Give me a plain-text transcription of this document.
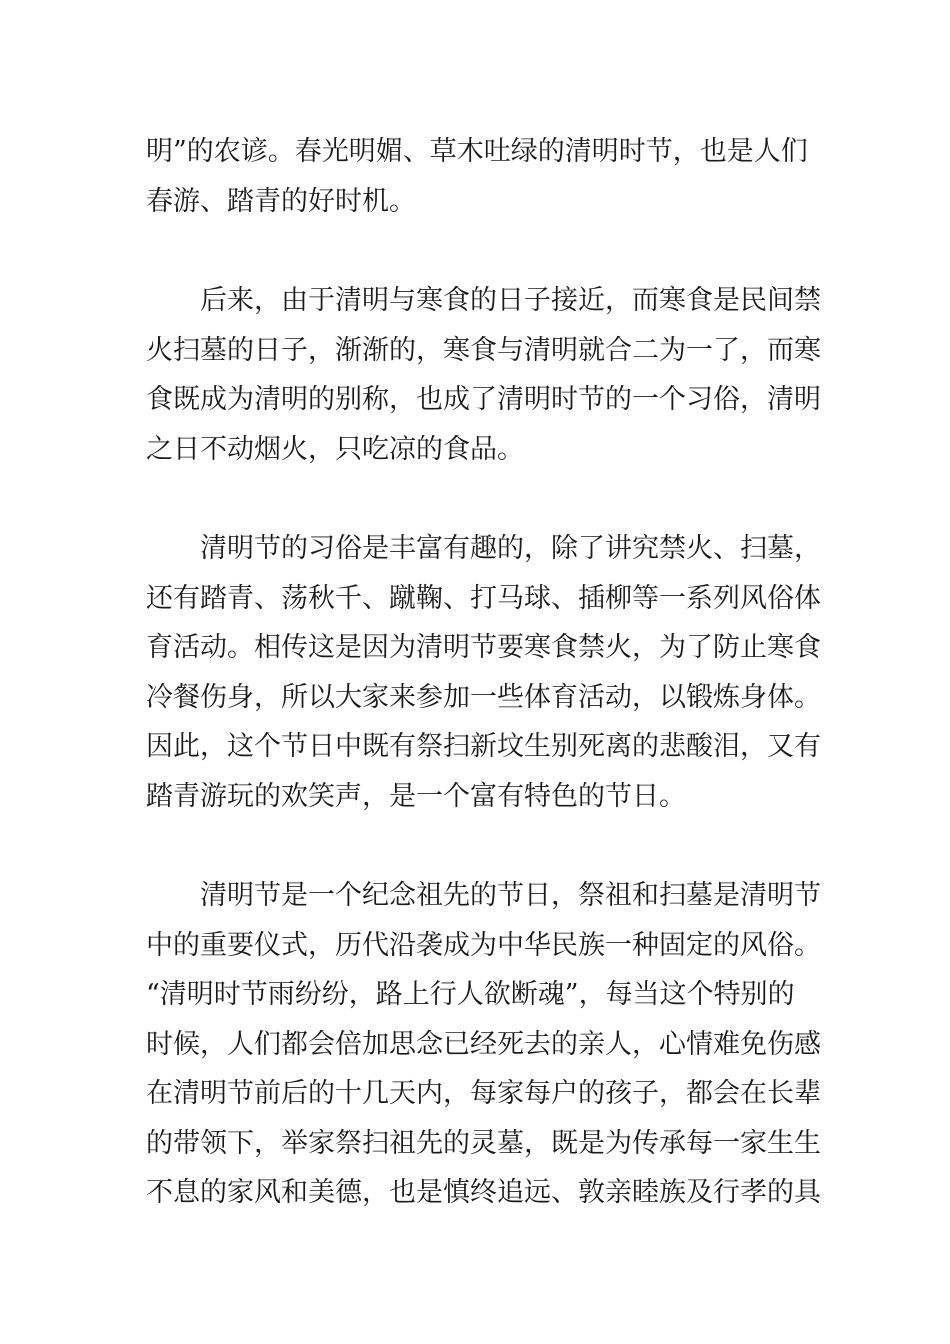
明”的农谚。春光明媚、草木吐绿的清明时节，也是人们
春游、踏青的好时机。
　　后来，由于清明与寒食的日子接近，而寒食是民间禁
火扫墓的日子，渐渐的，寒食与清明就合二为一了，而寒
食既成为清明的别称，也成了清明时节的一个习俗，清明
之日不动烟火，只吃凉的食品。
　　清明节的习俗是丰富有趣的，除了讲究禁火、扫墓，
还有踏青、荡秋千、蹴鞠、打马球、插柳等一系列风俗体
育活动。相传这是因为清明节要寒食禁火，为了防止寒食
冷餐伤身，所以大家来参加一些体育活动，以锻炼身体。
因此，这个节日中既有祭扫新坟生别死离的悲酸泪，又有
踏青游玩的欢笑声，是一个富有特色的节日。
　　清明节是一个纪念祖先的节日，祭祖和扫墓是清明节
中的重要仪式，历代沿袭成为中华民族一种固定的风俗。
“清明时节雨纷纷，路上行人欲断魂”，每当这个特别的
时候，人们都会倍加思念已经死去的亲人，心情难免伤感
在清明节前后的十几天内，每家每户的孩子，都会在长辈
的带领下，举家祭扫祖先的灵墓，既是为传承每一家生生
不息的家风和美德，也是慎终追远、敦亲睦族及行孝的具
